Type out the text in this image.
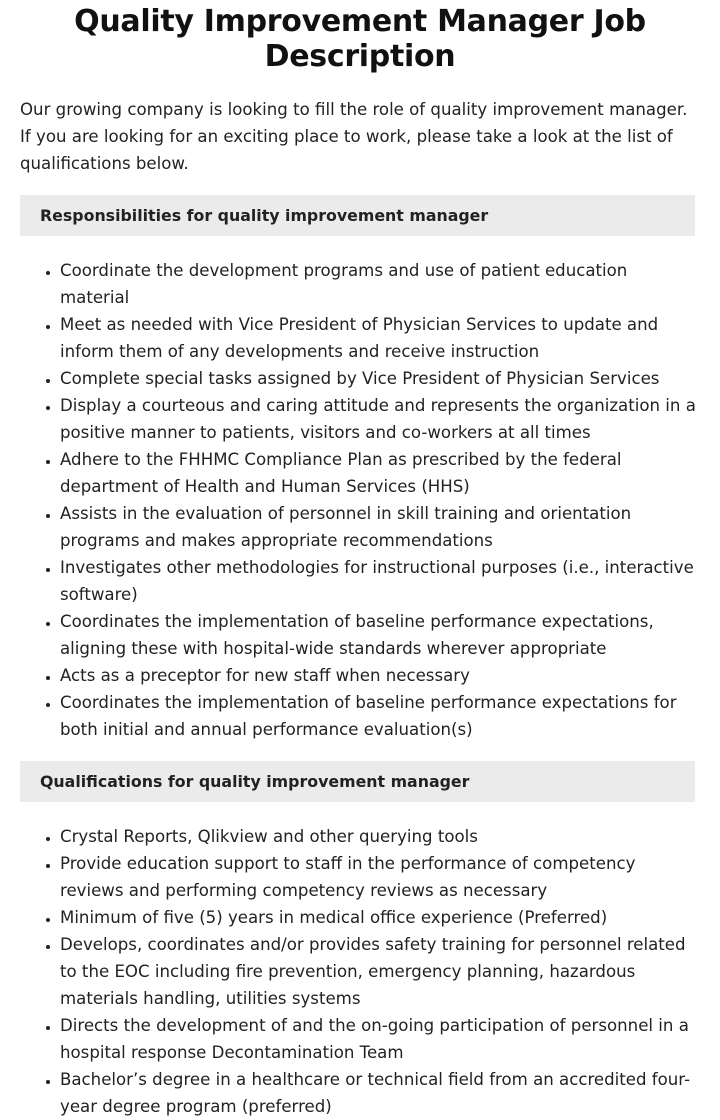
Quality Improvement Manager Job Description

Our growing company is looking to fill the role of quality improvement manager. If you are looking for an exciting place to work, please take a look at the list of qualifications below.

Responsibilities for quality improvement manager
• Coordinate the development programs and use of patient education material
• Meet as needed with Vice President of Physician Services to update and inform them of any developments and receive instruction
• Complete special tasks assigned by Vice President of Physician Services
• Display a courteous and caring attitude and represents the organization in a positive manner to patients, visitors and co-workers at all times
• Adhere to the FHHMC Compliance Plan as prescribed by the federal department of Health and Human Services (HHS)
• Assists in the evaluation of personnel in skill training and orientation programs and makes appropriate recommendations
• Investigates other methodologies for instructional purposes (i.e., interactive software)
• Coordinates the implementation of baseline performance expectations, aligning these with hospital-wide standards wherever appropriate
• Acts as a preceptor for new staff when necessary
• Coordinates the implementation of baseline performance expectations for both initial and annual performance evaluation(s)
Qualifications for quality improvement manager
• Crystal Reports, Qlikview and other querying tools
• Provide education support to staff in the performance of competency reviews and performing competency reviews as necessary
• Minimum of five (5) years in medical office experience (Preferred)
• Develops, coordinates and/or provides safety training for personnel related to the EOC including fire prevention, emergency planning, hazardous materials handling, utilities systems
• Directs the development of and the on-going participation of personnel in a hospital response Decontamination Team
• Bachelor’s degree in a healthcare or technical field from an accredited four-year degree program (preferred)
